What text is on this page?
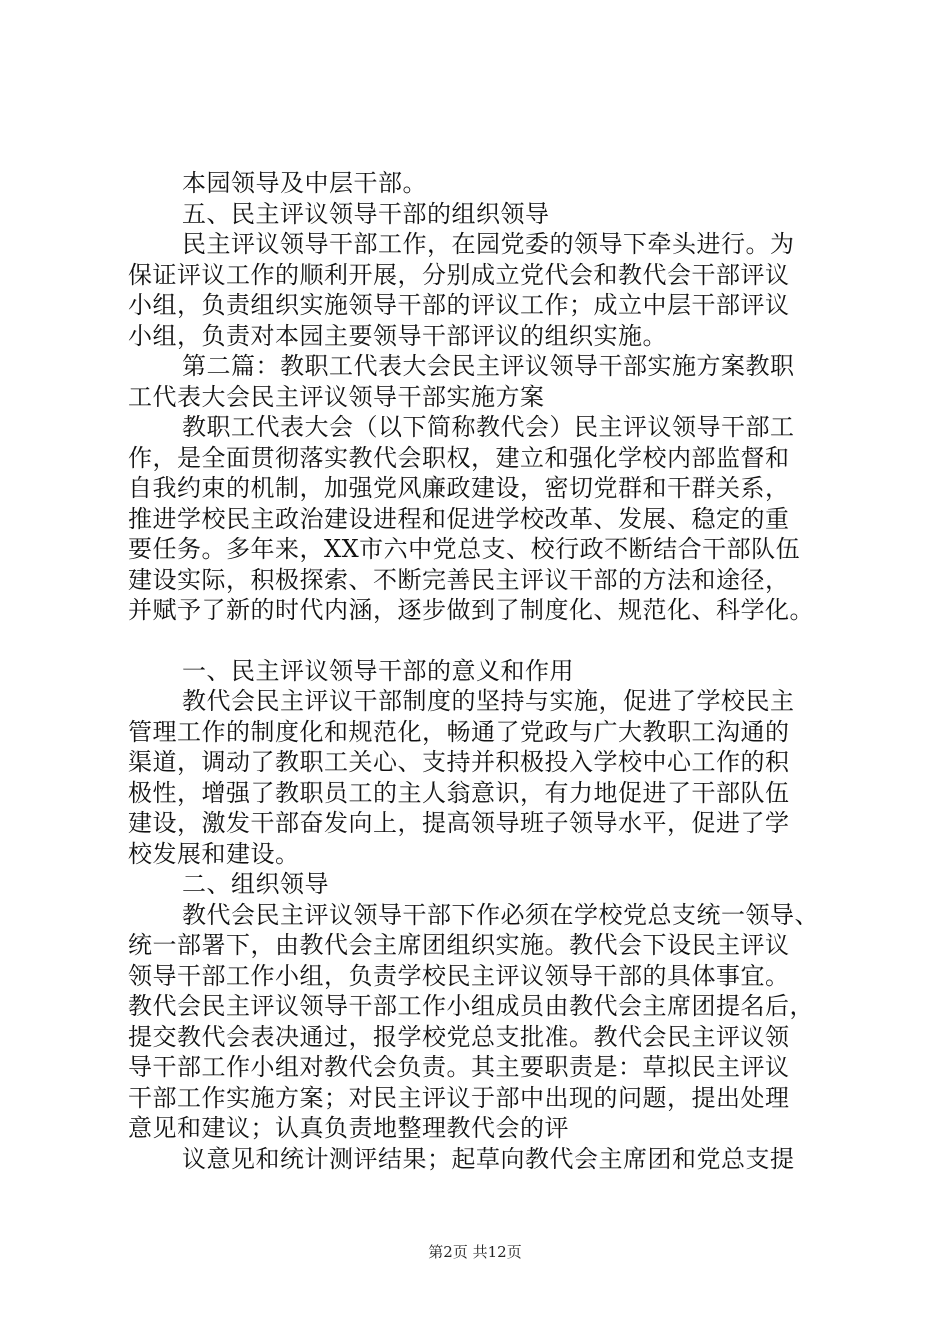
本园领导及中层干部。
五、民主评议领导干部的组织领导
民主评议领导干部工作，在园党委的领导下牵头进行。为
保证评议工作的顺利开展，分别成立党代会和教代会干部评议
小组，负责组织实施领导干部的评议工作；成立中层干部评议
小组，负责对本园主要领导干部评议的组织实施。
第二篇：教职工代表大会民主评议领导干部实施方案教职
工代表大会民主评议领导干部实施方案
教职工代表大会（以下简称教代会）民主评议领导干部工
作，是全面贯彻落实教代会职权，建立和强化学校内部监督和
自我约束的机制，加强党风廉政建设，密切党群和干群关系，
推进学校民主政治建设进程和促进学校改革、发展、稳定的重
要任务。多年来，XX市六中党总支、校行政不断结合干部队伍
建设实际，积极探索、不断完善民主评议干部的方法和途径，
并赋予了新的时代内涵，逐步做到了制度化、规范化、科学化。
一、民主评议领导干部的意义和作用
教代会民主评议干部制度的坚持与实施，促进了学校民主
管理工作的制度化和规范化，畅通了党政与广大教职工沟通的
渠道，调动了教职工关心、支持并积极投入学校中心工作的积
极性，增强了教职员工的主人翁意识，有力地促进了干部队伍
建设，激发干部奋发向上，提高领导班子领导水平，促进了学
校发展和建设。
二、组织领导
教代会民主评议领导干部下作必须在学校党总支统一领导、
统一部署下，由教代会主席团组织实施。教代会下设民主评议
领导干部工作小组，负责学校民主评议领导干部的具体事宜。
教代会民主评议领导干部工作小组成员由教代会主席团提名后，
提交教代会表决通过，报学校党总支批准。教代会民主评议领
导干部工作小组对教代会负责。其主要职责是：草拟民主评议
干部工作实施方案；对民主评议于部中出现的问题，提出处理
意见和建议；认真负责地整理教代会的评
议意见和统计测评结果；起草向教代会主席团和党总支提
第2页 共12页
